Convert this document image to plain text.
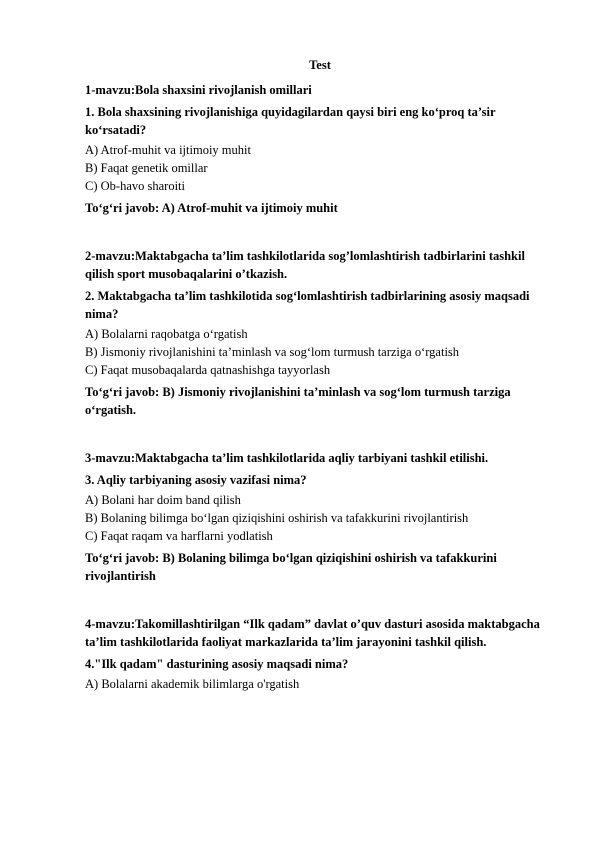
Test
1-mavzu:Bola shaxsini rivojlanish omillari
1. Bola shaxsining rivojlanishiga quyidagilardan qaysi biri eng ko‘proq ta’sir ko‘rsatadi?
A) Atrof-muhit va ijtimoiy muhit
B) Faqat genetik omillar
C) Ob-havo sharoiti
To‘g‘ri javob: A) Atrof-muhit va ijtimoiy muhit
2-mavzu:Maktabgacha ta’lim tashkilotlarida sog’lomlashtirish tadbirlarini tashkil qilish sport musobaqalarini o’tkazish.
2. Maktabgacha ta’lim tashkilotida sog‘lomlashtirish tadbirlarining asosiy maqsadi nima?
A) Bolalarni raqobatga o‘rgatish
B) Jismoniy rivojlanishini ta’minlash va sog‘lom turmush tarziga o‘rgatish
C) Faqat musobaqalarda qatnashishga tayyorlash
To‘g‘ri javob: B) Jismoniy rivojlanishini ta’minlash va sog‘lom turmush tarziga o‘rgatish.
3-mavzu:Maktabgacha ta’lim tashkilotlarida aqliy tarbiyani tashkil etilishi.
3. Aqliy tarbiyaning asosiy vazifasi nima?
A) Bolani har doim band qilish
B) Bolaning bilimga bo‘lgan qiziqishini oshirish va tafakkurini rivojlantirish
C) Faqat raqam va harflarni yodlatish
To‘g‘ri javob: B) Bolaning bilimga bo‘lgan qiziqishini oshirish va tafakkurini rivojlantirish
4-mavzu:Takomillashtirilgan “Ilk qadam” davlat o’quv dasturi asosida maktabgacha ta’lim tashkilotlarida faoliyat markazlarida ta’lim jarayonini tashkil qilish.
4."Ilk qadam" dasturining asosiy maqsadi nima?
A) Bolalarni akademik bilimlarga o'rgatish
